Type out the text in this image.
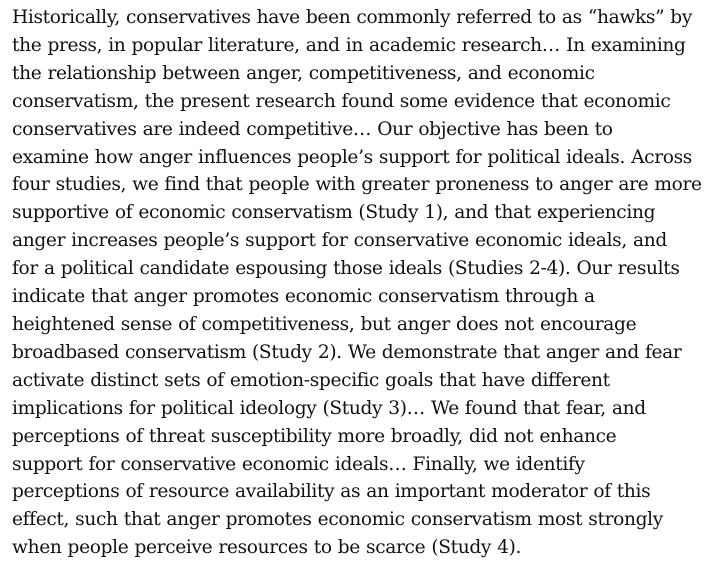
Historically, conservatives have been commonly referred to as “hawks” by
the press, in popular literature, and in academic research… In examining
the relationship between anger, competitiveness, and economic
conservatism, the present research found some evidence that economic
conservatives are indeed competitive… Our objective has been to
examine how anger influences people’s support for political ideals. Across
four studies, we find that people with greater proneness to anger are more
supportive of economic conservatism (Study 1), and that experiencing
anger increases people’s support for conservative economic ideals, and
for a political candidate espousing those ideals (Studies 2-4). Our results
indicate that anger promotes economic conservatism through a
heightened sense of competitiveness, but anger does not encourage
broadbased conservatism (Study 2). We demonstrate that anger and fear
activate distinct sets of emotion-specific goals that have different
implications for political ideology (Study 3)… We found that fear, and
perceptions of threat susceptibility more broadly, did not enhance
support for conservative economic ideals… Finally, we identify
perceptions of resource availability as an important moderator of this
effect, such that anger promotes economic conservatism most strongly
when people perceive resources to be scarce (Study 4).
